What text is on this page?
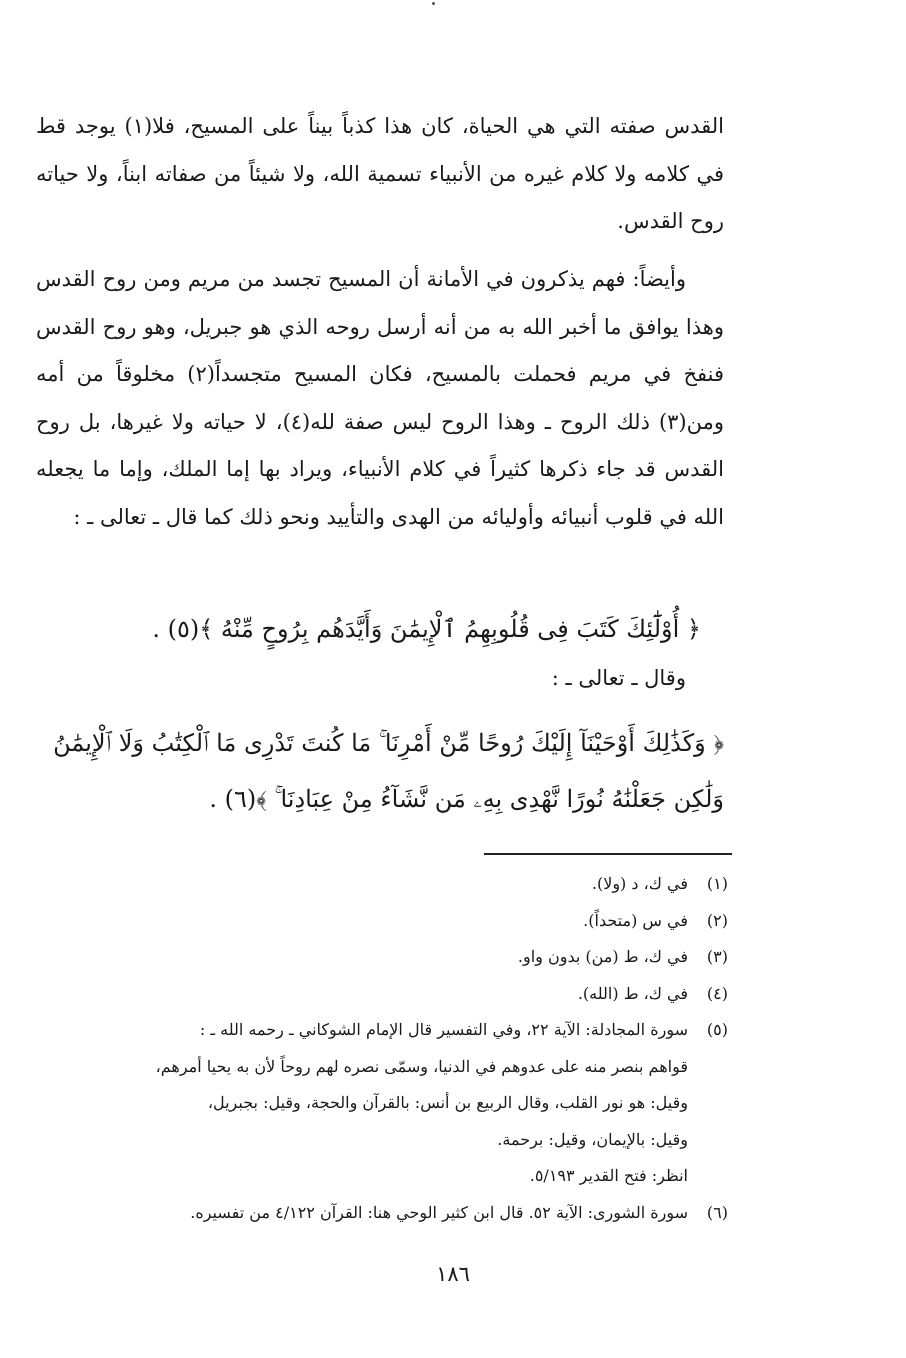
القدس صفته التي هي الحياة، كان هذا كذباً بيناً على المسيح، فلا(١) يوجد قط في كلامه ولا كلام غيره من الأنبياء تسمية الله، ولا شيئاً من صفاته ابناً، ولا حياته روح القدس.

وأيضاً: فهم يذكرون في الأمانة أن المسيح تجسد من مريم ومن روح القدس وهذا يوافق ما أخبر الله به من أنه أرسل روحه الذي هو جبريل، وهو روح القدس فنفخ في مريم فحملت بالمسيح، فكان المسيح متجسداً(٢) مخلوقاً من أمه ومن(٣) ذلك الروح ـ وهذا الروح ليس صفة لله(٤)، لا حياته ولا غيرها، بل روح القدس قد جاء ذكرها كثيراً في كلام الأنبياء، ويراد بها إما الملك، وإما ما يجعله الله في قلوب أنبيائه وأوليائه من الهدى والتأييد ونحو ذلك كما قال ـ تعالى ـ :

﴿ أُوْلَٰٓئِكَ كَتَبَ فِى قُلُوبِهِمُ ٱلْإِيمَٰنَ وَأَيَّدَهُم بِرُوحٍ مِّنْهُ ﴾(٥) .

وقال ـ تعالى ـ :

﴿ وَكَذَٰلِكَ أَوْحَيْنَآ إِلَيْكَ رُوحًا مِّنْ أَمْرِنَا ۚ مَا كُنتَ تَدْرِى مَا ٱلْكِتَٰبُ وَلَا ٱلْإِيمَٰنُ وَلَٰكِن جَعَلْنَٰهُ نُورًا نَّهْدِى بِهِۦ مَن نَّشَآءُ مِنْ عِبَادِنَا ۚ ﴾(٦) .

(١)
في ك، د (ولا).
(٢)
في س (متحداً).
(٣)
في ك، ط (من) بدون واو.
(٤)
في ك، ط (الله).
(٥)
سورة المجادلة: الآية ٢٢، وفي التفسير قال الإمام الشوكاني ـ رحمه الله ـ :
قواهم بنصر منه على عدوهم في الدنيا، وسمّى نصره لهم روحاً لأن به يحيا أمرهم،
وقيل: هو نور القلب، وقال الربيع بن أنس: بالقرآن والحجة، وقيل: بجبريل،
وقيل: بالإيمان، وقيل: برحمة.
انظر: فتح القدير ٥/١٩٣.
(٦)
سورة الشورى: الآية ٥٢. قال ابن كثير الوحي هنا: القرآن ٤/١٢٢ من تفسيره.
١٨٦
